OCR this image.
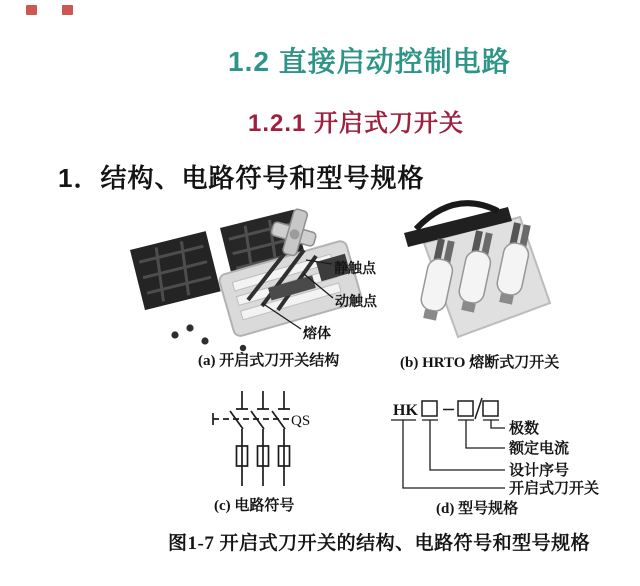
1.2 直接启动控制电路
1.2.1 开启式刀开关
1．结构、电路符号和型号规格
静触点
动触点
熔体
(a) 开启式刀开关结构	(b) HRTO 熔断式刀开关
QS
(c) 电路符号
HK
极数
额定电流
设计序号
开启式刀开关
(d) 型号规格
图1-7 开启式刀开关的结构、电路符号和型号规格
